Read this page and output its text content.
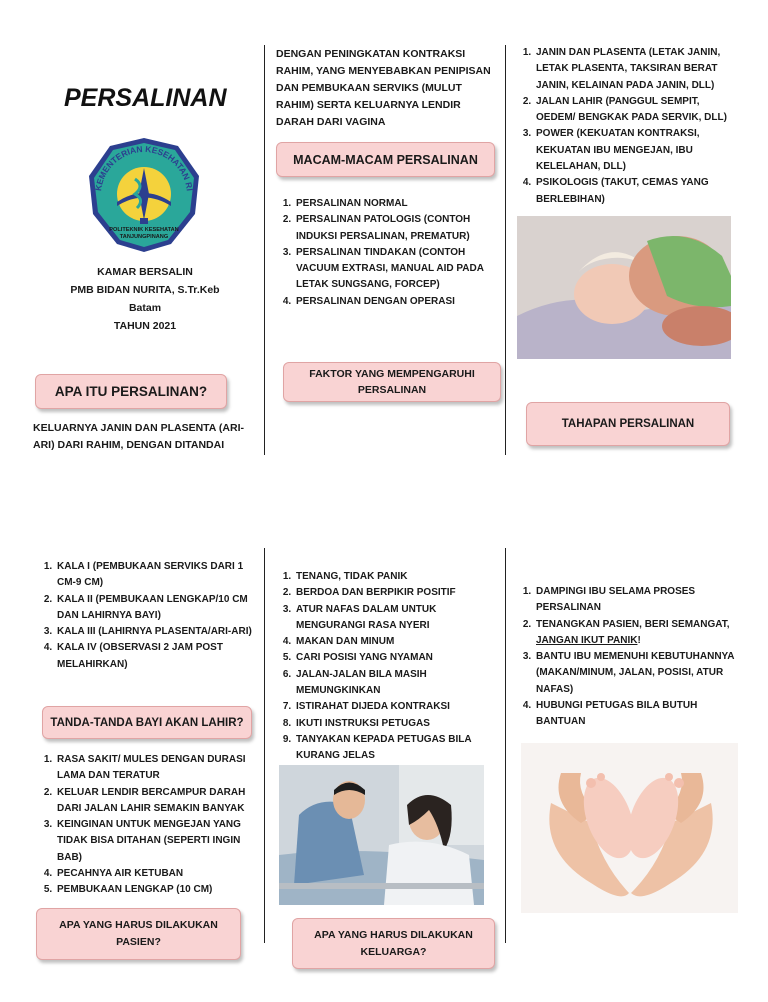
PERSALINAN
KEMENTERIAN KESEHATAN RI
POLITEKNIK KESEHATAN
TANJUNGPINANG
KAMAR BERSALIN
PMB BIDAN NURITA, S.Tr.Keb
Batam
TAHUN 2021
APA ITU PERSALINAN?
KELUARNYA JANIN DAN PLASENTA (ARI-ARI) DARI RAHIM, DENGAN DITANDAI
DENGAN PENINGKATAN KONTRAKSI RAHIM, YANG MENYEBABKAN PENIPISAN DAN PEMBUKAAN SERVIKS (MULUT RAHIM) SERTA KELUARNYA LENDIR DARAH DARI VAGINA
MACAM-MACAM PERSALINAN
1. PERSALINAN NORMAL
2. PERSALINAN PATOLOGIS (CONTOH INDUKSI PERSALINAN, PREMATUR)
3. PERSALINAN TINDAKAN (CONTOH VACUUM EXTRASI, MANUAL AID PADA LETAK SUNGSANG, FORCEP)
4. PERSALINAN DENGAN OPERASI
FAKTOR YANG MEMPENGARUHI PERSALINAN
1. JANIN DAN PLASENTA (LETAK JANIN, LETAK PLASENTA, TAKSIRAN BERAT JANIN, KELAINAN PADA JANIN, DLL)
2. JALAN LAHIR (PANGGUL SEMPIT, OEDEM/ BENGKAK PADA SERVIK, DLL)
3. POWER (KEKUATAN KONTRAKSI, KEKUATAN IBU MENGEJAN, IBU KELELAHAN, DLL)
4. PSIKOLOGIS (TAKUT, CEMAS YANG BERLEBIHAN)
TAHAPAN PERSALINAN
1. KALA I (PEMBUKAAN SERVIKS DARI 1 CM-9 CM)
2. KALA II (PEMBUKAAN LENGKAP/10 CM DAN LAHIRNYA BAYI)
3. KALA III (LAHIRNYA PLASENTA/ARI-ARI)
4. KALA IV (OBSERVASI 2 JAM POST MELAHIRKAN)
TANDA-TANDA BAYI AKAN LAHIR?
1. RASA SAKIT/ MULES DENGAN DURASI LAMA DAN TERATUR
2. KELUAR LENDIR BERCAMPUR DARAH DARI JALAN LAHIR SEMAKIN BANYAK
3. KEINGINAN UNTUK MENGEJAN YANG TIDAK BISA DITAHAN (SEPERTI INGIN BAB)
4. PECAHNYA AIR KETUBAN
5. PEMBUKAAN LENGKAP (10 CM)
APA YANG HARUS DILAKUKAN PASIEN?
1. TENANG, TIDAK PANIK
2. BERDOA DAN BERPIKIR POSITIF
3. ATUR NAFAS DALAM UNTUK MENGURANGI RASA NYERI
4. MAKAN DAN MINUM
5. CARI POSISI YANG NYAMAN
6. JALAN-JALAN BILA MASIH MEMUNGKINKAN
7. ISTIRAHAT DIJEDA KONTRAKSI
8. IKUTI INSTRUKSI PETUGAS
9. TANYAKAN KEPADA PETUGAS BILA KURANG JELAS
APA YANG HARUS DILAKUKAN KELUARGA?
1. DAMPINGI IBU SELAMA PROSES PERSALINAN
2. TENANGKAN PASIEN, BERI SEMANGAT, JANGAN IKUT PANIK!
3. BANTU IBU MEMENUHI KEBUTUHANNYA (MAKAN/MINUM, JALAN, POSISI, ATUR NAFAS)
4. HUBUNGI PETUGAS BILA BUTUH BANTUAN
